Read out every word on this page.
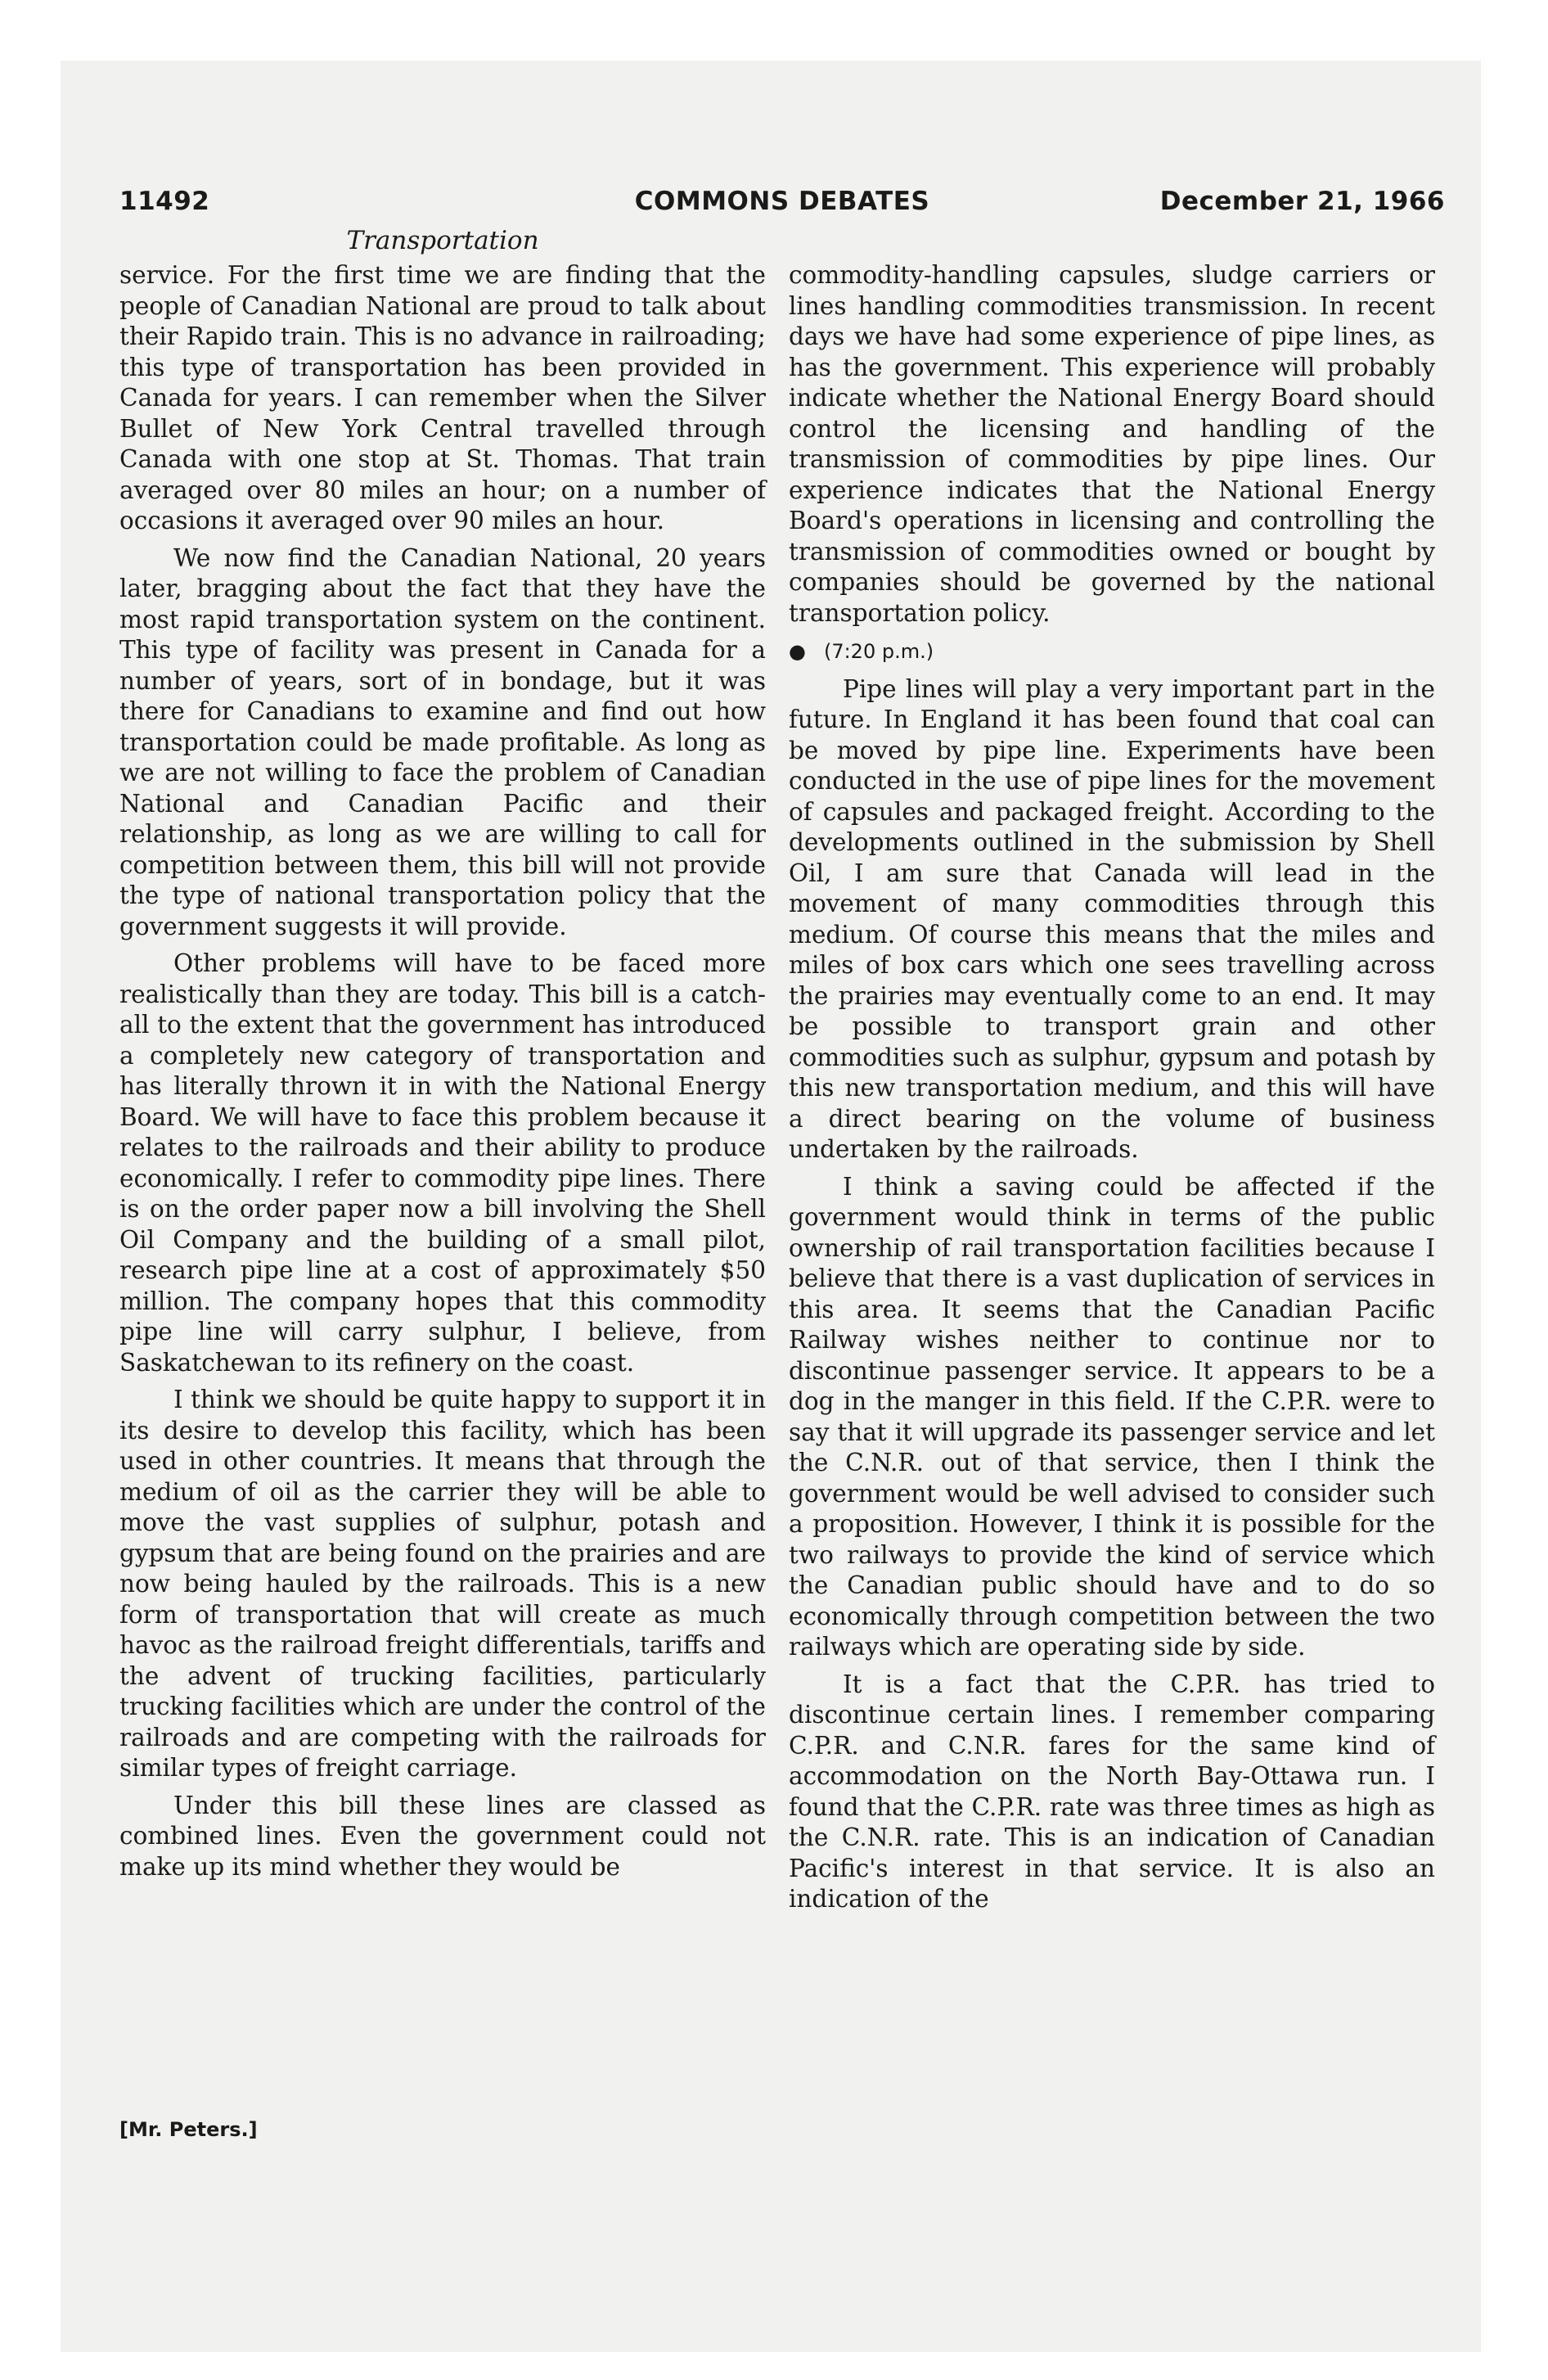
11492	COMMONS DEBATES	December 21, 1966
Transportation

service. For the first time we are finding that the people of Canadian National are proud to talk about their Rapido train. This is no advance in railroading; this type of transportation has been provided in Canada for years. I can remember when the Silver Bullet of New York Central travelled through Canada with one stop at St. Thomas. That train averaged over 80 miles an hour; on a number of occasions it averaged over 90 miles an hour.

We now find the Canadian National, 20 years later, bragging about the fact that they have the most rapid transportation system on the continent. This type of facility was present in Canada for a number of years, sort of in bondage, but it was there for Canadians to examine and find out how transportation could be made profitable. As long as we are not willing to face the problem of Canadian National and Canadian Pacific and their relationship, as long as we are willing to call for competition between them, this bill will not provide the type of national transportation policy that the government suggests it will provide.

Other problems will have to be faced more realistically than they are today. This bill is a catch-all to the extent that the government has introduced a completely new category of transportation and has literally thrown it in with the National Energy Board. We will have to face this problem because it relates to the railroads and their ability to produce economically. I refer to commodity pipe lines. There is on the order paper now a bill involving the Shell Oil Company and the building of a small pilot, research pipe line at a cost of approximately $50 million. The company hopes that this commodity pipe line will carry sulphur, I believe, from Saskatchewan to its refinery on the coast.

I think we should be quite happy to support it in its desire to develop this facility, which has been used in other countries. It means that through the medium of oil as the carrier they will be able to move the vast supplies of sulphur, potash and gypsum that are being found on the prairies and are now being hauled by the railroads. This is a new form of transportation that will create as much havoc as the railroad freight differentials, tariffs and the advent of trucking facilities, particularly trucking facilities which are under the control of the railroads and are competing with the railroads for similar types of freight carriage.

Under this bill these lines are classed as combined lines. Even the government could not make up its mind whether they would be

[Mr. Peters.]

commodity-handling capsules, sludge carriers or lines handling commodities transmission. In recent days we have had some experience of pipe lines, as has the government. This experience will probably indicate whether the National Energy Board should control the licensing and handling of the transmission of commodities by pipe lines. Our experience indicates that the National Energy Board's operations in licensing and controlling the transmission of commodities owned or bought by companies should be governed by the national transportation policy.

● (7:20 p.m.)

Pipe lines will play a very important part in the future. In England it has been found that coal can be moved by pipe line. Experiments have been conducted in the use of pipe lines for the movement of capsules and packaged freight. According to the developments outlined in the submission by Shell Oil, I am sure that Canada will lead in the movement of many commodities through this medium. Of course this means that the miles and miles of box cars which one sees travelling across the prairies may eventually come to an end. It may be possible to transport grain and other commodities such as sulphur, gypsum and potash by this new transportation medium, and this will have a direct bearing on the volume of business undertaken by the railroads.

I think a saving could be affected if the government would think in terms of the public ownership of rail transportation facilities because I believe that there is a vast duplication of services in this area. It seems that the Canadian Pacific Railway wishes neither to continue nor to discontinue passenger service. It appears to be a dog in the manger in this field. If the C.P.R. were to say that it will upgrade its passenger service and let the C.N.R. out of that service, then I think the government would be well advised to consider such a proposition. However, I think it is possible for the two railways to provide the kind of service which the Canadian public should have and to do so economically through competition between the two railways which are operating side by side.

It is a fact that the C.P.R. has tried to discontinue certain lines. I remember comparing C.P.R. and C.N.R. fares for the same kind of accommodation on the North Bay-Ottawa run. I found that the C.P.R. rate was three times as high as the C.N.R. rate. This is an indication of Canadian Pacific's interest in that service. It is also an indication of the
